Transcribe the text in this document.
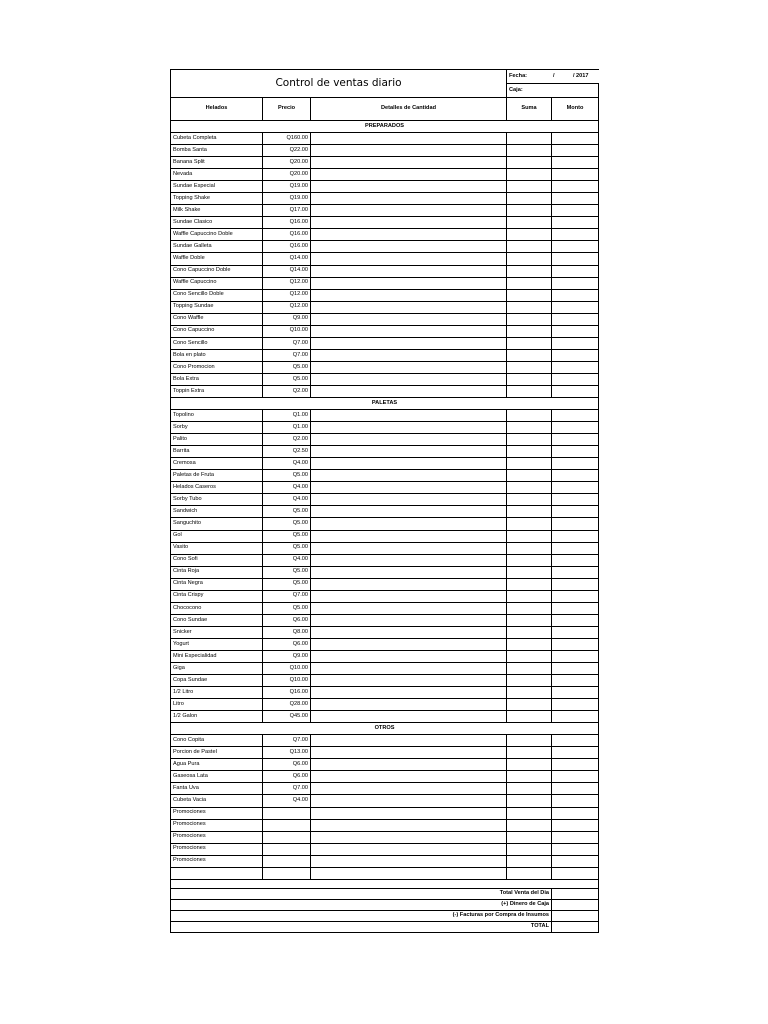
Control de ventas diario			Fecha: / / 2017	

			Caja:	
Helados	Precio	Detalles de Cantidad	Suma	Monto
PREPARADOS				
Cubeta Completa	Q160.00			
Bomba Santa	Q22.00			
Banana Split	Q20.00			
Nevada	Q20.00			
Sundae Especial	Q19.00			
Topping Shake	Q19.00			
Milk Shake	Q17.00			
Sundae Clasico	Q16.00			
Waffle Capuccino Doble	Q16.00			
Sundae Galleta	Q16.00			
Waffle Doble	Q14.00			
Cono Capuccino Doble	Q14.00			
Waffle Capuccino	Q12.00			
Cono Sencillo Doble	Q12.00			
Topping Sundae	Q12.00			
Cono Waffle	Q9.00			
Cono Capuccino	Q10.00			
Cono Sencillo	Q7.00			
Bola en plato	Q7.00			
Cono Promocion	Q5.00			
Bola Extra	Q5.00			
Toppin Extra	Q2.00			
PALETAS				
Topolino	Q1.00			
Sorby	Q1.00			
Palito	Q2.00			
Barrita	Q2.50			
Cremosa	Q4.00			
Paletas de Fruta	Q5.00			
Helados Caseros	Q4.00			
Sorby Tubo	Q4.00			
Sandwich	Q5.00			
Sanguchito	Q5.00			
Gol	Q5.00			
Vasito	Q5.00			
Cono Sofi	Q4.00			
Cinta Roja	Q5.00			
Cinta Negra	Q5.00			
Cinta Crispy	Q7.00			
Chococono	Q5.00			
Cono Sundae	Q6.00			
Snicker	Q8.00			
Yogurt	Q6.00			
Mini Especialidad	Q9.00			
Giga	Q10.00			
Copa Sundae	Q10.00			
1/2 Litro	Q16.00			
Litro	Q28.00			
1/2 Galon	Q45.00			
OTROS				
Cono Copita	Q7.00			
Porcion de Pastel	Q13.00			
Agua Pura	Q6.00			
Gaseosa Lata	Q6.00			
Fanta Uva	Q7.00			
Cubeta Vacia	Q4.00			
Promociones				
Promociones				
Promociones				
Promociones				
Promociones				

Total Venta del Dia				
(+) Dinero de Caja				
(-) Facturas por Compra de Insumos				
TOTAL				
